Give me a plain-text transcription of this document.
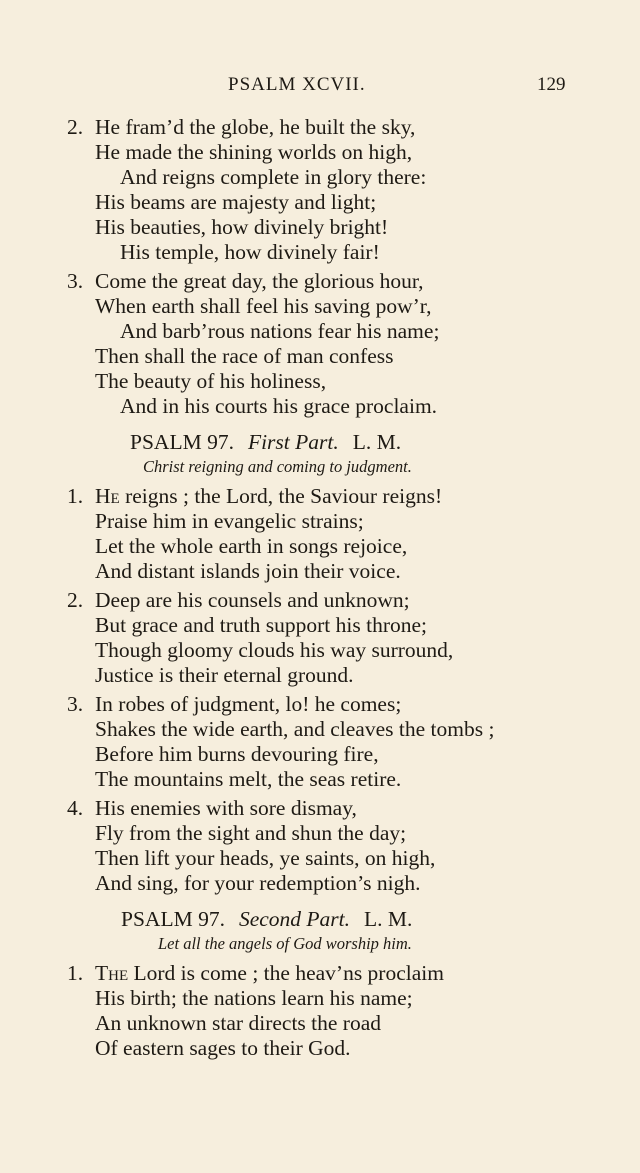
PSALM XCVII.	129
2. He fram’d the globe, he built the sky,
He made the shining worlds on high,
And reigns complete in glory there:
His beams are majesty and light;
His beauties, how divinely bright!
His temple, how divinely fair!
3. Come the great day, the glorious hour,
When earth shall feel his saving pow’r,
And barb’rous nations fear his name;
Then shall the race of man confess
The beauty of his holiness,
And in his courts his grace proclaim.
PSALM 97. First Part. L. M.
Christ reigning and coming to judgment.
1. He reigns ; the Lord, the Saviour reigns!
Praise him in evangelic strains;
Let the whole earth in songs rejoice,
And distant islands join their voice.
2. Deep are his counsels and unknown;
But grace and truth support his throne;
Though gloomy clouds his way surround,
Justice is their eternal ground.
3. In robes of judgment, lo! he comes;
Shakes the wide earth, and cleaves the tombs ;
Before him burns devouring fire,
The mountains melt, the seas retire.
4. His enemies with sore dismay,
Fly from the sight and shun the day;
Then lift your heads, ye saints, on high,
And sing, for your redemption’s nigh.
PSALM 97. Second Part. L. M.
Let all the angels of God worship him.
1. The Lord is come ; the heav’ns proclaim
His birth; the nations learn his name;
An unknown star directs the road
Of eastern sages to their God.
